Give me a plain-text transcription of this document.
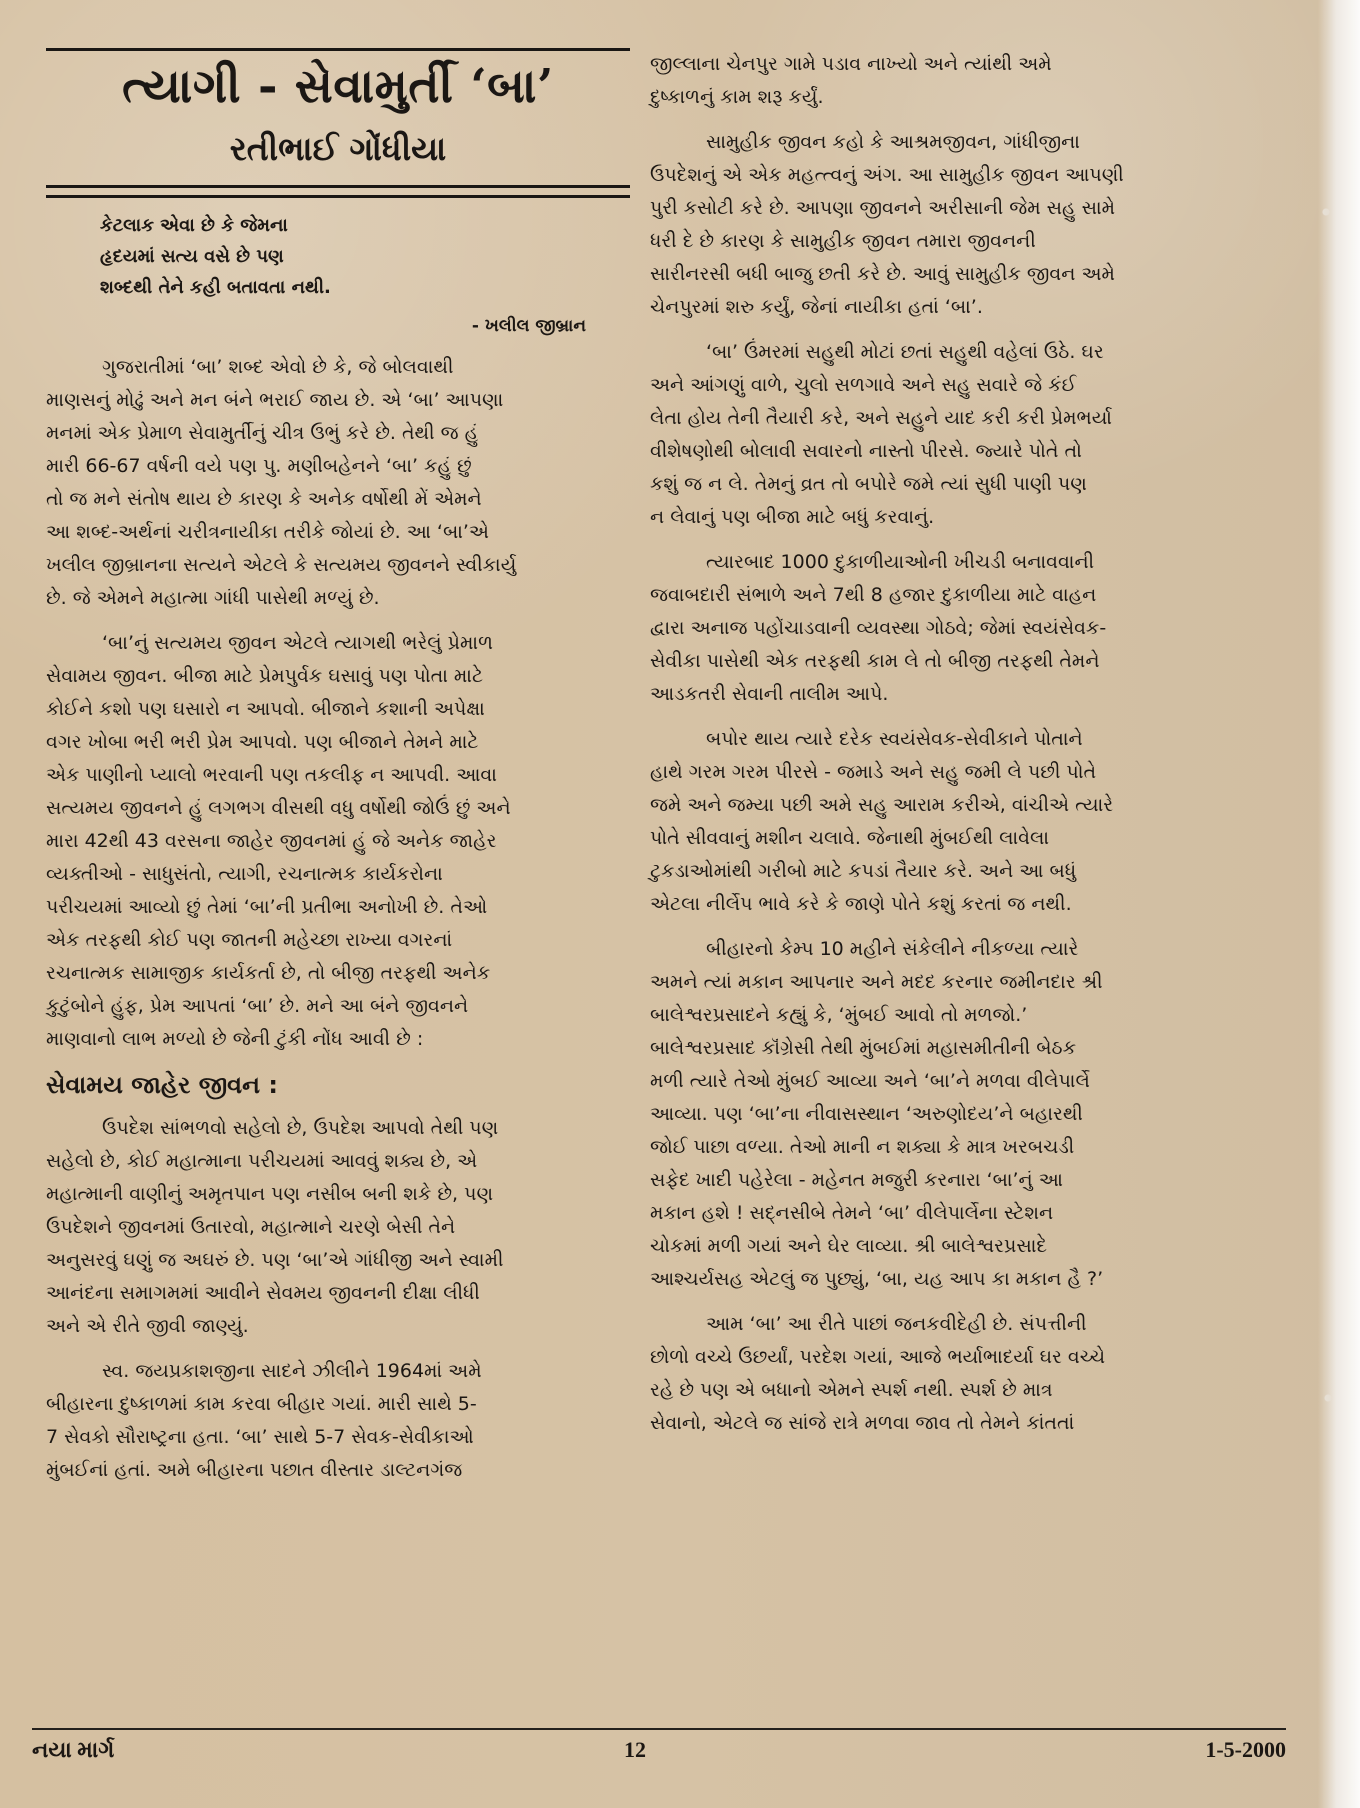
ત્યાગી - સેવામુર્તી ‘બા’
રતીભાઈ ગોંધીયા
કેટલાક એવા છે કે જેમના
હૃદયમાં સત્ય વસે છે પણ
શબ્દથી તેને કહી બતાવતા નથી.
- ખલીલ જીબ્રાન
ગુજરાતીમાં ‘બા’ શબ્દ એવો છે કે, જે બોલવાથી
માણસનું મોઢું અને મન બંને ભરાઈ જાય છે. એ ‘બા’ આપણા
મનમાં એક પ્રેમાળ સેવામુર્તીનું ચીત્ર ઉભું કરે છે. તેથી જ હું
મારી 66-67 વર્ષની વયે પણ પુ. મણીબહેનને ‘બા’ કહું છું
તો જ મને સંતોષ થાય છે કારણ કે અનેક વર્ષોથી મેં એમને
આ શબ્દ-અર્થનાં ચરીત્રનાયીકા તરીકે જોયાં છે. આ ‘બા’એ
ખલીલ જીબ્રાનના સત્યને એટલે કે સત્યમય જીવનને સ્વીકાર્યુ
છે. જે એમને મહાત્મા ગાંધી પાસેથી મળ્યું છે.
‘બા’નું સત્યમય જીવન એટલે ત્યાગથી ભરેલું પ્રેમાળ
સેવામય જીવન. બીજા માટે પ્રેમપુર્વક ઘસાવું પણ પોતા માટે
કોઈને કશો પણ ઘસારો ન આપવો. બીજાને કશાની અપેક્ષા
વગર ખોબા ભરી ભરી પ્રેમ આપવો. પણ બીજાને તેમને માટે
એક પાણીનો પ્યાલો ભરવાની પણ તકલીફ ન આપવી. આવા
સત્યમય જીવનને હું લગભગ વીસથી વધુ વર્ષોથી જોઉં છું અને
મારા 42થી 43 વરસના જાહેર જીવનમાં હું જે અનેક જાહેર
વ્યક્તીઓ - સાધુસંતો, ત્યાગી, રચનાત્મક કાર્યકરોના
પરીચયમાં આવ્યો છું તેમાં ‘બા’ની પ્રતીભા અનોખી છે. તેઓ
એક તરફથી કોઈ પણ જાતની મહેચ્છા રાખ્યા વગરનાં
રચનાત્મક સામાજીક કાર્યકર્તા છે, તો બીજી તરફથી અનેક
કુટુંબોને હુંફ, પ્રેમ આપતાં ‘બા’ છે. મને આ બંને જીવનને
માણવાનો લાભ મળ્યો છે જેની ટુંકી નોંધ આવી છે :
સેવામય જાહેર જીવન :
ઉપદેશ સાંભળવો સહેલો છે, ઉપદેશ આપવો તેથી પણ
સહેલો છે, કોઈ મહાત્માના પરીચયમાં આવવું શક્ય છે, એ
મહાત્માની વાણીનું અમૃતપાન પણ નસીબ બની શકે છે, પણ
ઉપદેશને જીવનમાં ઉતારવો, મહાત્માને ચરણે બેસી તેને
અનુસરવું ઘણું જ અઘરું છે. પણ ‘બા’એ ગાંધીજી અને સ્વામી
આનંદના સમાગમમાં આવીને સેવમય જીવનની દીક્ષા લીધી
અને એ રીતે જીવી જાણ્યું.
સ્વ. જયપ્રકાશજીના સાદને ઝીલીને 1964માં અમે
બીહારના દુષ્કાળમાં કામ કરવા બીહાર ગયાં. મારી સાથે 5-
7 સેવકો સૌરાષ્ટ્રના હતા. ‘બા’ સાથે 5-7 સેવક-સેવીકાઓ
મુંબઈનાં હતાં. અમે બીહારના પછાત વીસ્તાર ડાલ્ટનગંજ
જીલ્લાના ચેનપુર ગામે પડાવ નાખ્યો અને ત્યાંથી અમે
દુષ્કાળનું કામ શરૂ કર્યું.
સામુહીક જીવન કહો કે આશ્રમજીવન, ગાંધીજીના
ઉપદેશનું એ એક મહત્ત્વનું અંગ. આ સામુહીક જીવન આપણી
પુરી કસોટી કરે છે. આપણા જીવનને અરીસાની જેમ સહુ સામે
ધરી દે છે કારણ કે સામુહીક જીવન તમારા જીવનની
સારીનરસી બધી બાજુ છતી કરે છે. આવું સામુહીક જીવન અમે
ચેનપુરમાં શરુ કર્યું, જેનાં નાયીકા હતાં ‘બા’.
‘બા’ ઉંમરમાં સહુથી મોટાં છતાં સહુથી વહેલાં ઉઠે. ઘર
અને આંગણું વાળે, ચુલો સળગાવે અને સહુ સવારે જે કંઈ
લેતા હોય તેની તૈયારી કરે, અને સહુને યાદ કરી કરી પ્રેમભર્યા
વીશેષણોથી બોલાવી સવારનો નાસ્તો પીરસે. જ્યારે પોતે તો
કશું જ ન લે. તેમનું વ્રત તો બપોરે જમે ત્યાં સુધી પાણી પણ
ન લેવાનું પણ બીજા માટે બધું કરવાનું.
ત્યારબાદ 1000 દુકાળીયાઓની ખીચડી બનાવવાની
જવાબદારી સંભાળે અને 7થી 8 હજાર દુકાળીયા માટે વાહન
દ્વારા અનાજ પહોંચાડવાની વ્યવસ્થા ગોઠવે; જેમાં સ્વયંસેવક-
સેવીકા પાસેથી એક તરફથી કામ લે તો બીજી તરફથી તેમને
આડકતરી સેવાની તાલીમ આપે.
બપોર થાય ત્યારે દરેક સ્વયંસેવક-સેવીકાને પોતાને
હાથે ગરમ ગરમ પીરસે - જમાડે અને સહુ જમી લે પછી પોતે
જમે અને જમ્યા પછી અમે સહુ આરામ કરીએ, વાંચીએ ત્યારે
પોતે સીવવાનું મશીન ચલાવે. જેનાથી મુંબઈથી લાવેલા
ટુકડાઓમાંથી ગરીબો માટે કપડાં તૈયાર કરે. અને આ બધું
એટલા નીર્લેપ ભાવે કરે કે જાણે પોતે કશું કરતાં જ નથી.
બીહારનો કેમ્પ 10 મહીને સંકેલીને નીકળ્યા ત્યારે
અમને ત્યાં મકાન આપનાર અને મદદ કરનાર જમીનદાર શ્રી
બાલેશ્વરપ્રસાદને કહ્યું કે, ‘મુંબઈ આવો તો મળજો.’
બાલેશ્વરપ્રસાદ કૉંગ્રેસી તેથી મુંબઈમાં મહાસમીતીની બેઠક
મળી ત્યારે તેઓ મુંબઈ આવ્યા અને ‘બા’ને મળવા વીલેપાર્લે
આવ્યા. પણ ‘બા’ના નીવાસસ્થાન ‘અરુણોદય’ને બહારથી
જોઈ પાછા વળ્યા. તેઓ માની ન શક્યા કે માત્ર ખરબચડી
સફેદ ખાદી પહેરેલા - મહેનત મજુરી કરનારા ‘બા’નું આ
મકાન હશે ! સદ્નસીબે તેમને ‘બા’ વીલેપાર્લેના સ્ટેશન
ચોકમાં મળી ગયાં અને ઘેર લાવ્યા. શ્રી બાલેશ્વરપ્રસાદે
આશ્ચર્યસહ એટલું જ પુછ્યું, ‘બા, યહ આપ કા મકાન હૈ ?’
આમ ‘બા’ આ રીતે પાછાં જનકવીદેહી છે. સંપત્તીની
છોળો વચ્ચે ઉછર્યાં, પરદેશ ગયાં, આજે ભર્યાભાદર્યા ઘર વચ્ચે
રહે છે પણ એ બધાનો એમને સ્પર્શ નથી. સ્પર્શ છે માત્ર
સેવાનો, એટલે જ સાંજે રાત્રે મળવા જાવ તો તેમને કાંતતાં
નયા માર્ગ	12	1-5-2000
